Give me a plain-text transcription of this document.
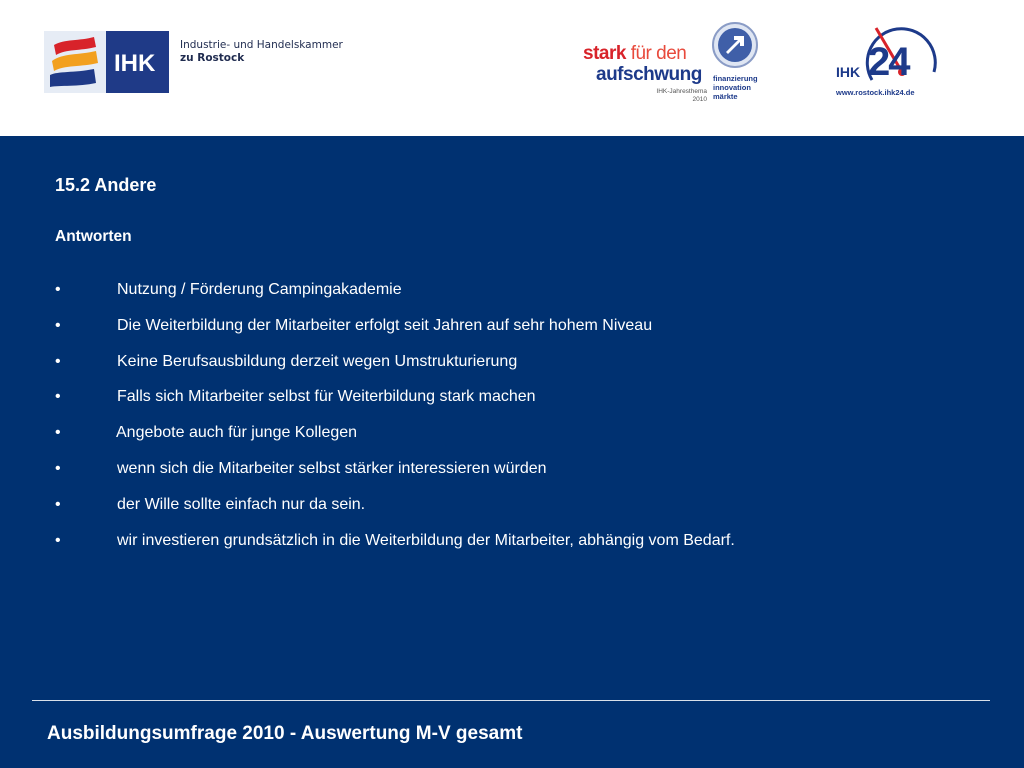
IHK
Industrie- und Handelskammer
zu Rostock	stark für den
aufschwung finanzierung
innovation
märkte
IHK-Jahresthema
2010
IHK 24
www.rostock.ihk24.de
15.2 Andere
Antworten
•	Nutzung / Förderung Campingakademie
•	Die Weiterbildung der Mitarbeiter erfolgt seit Jahren auf sehr hohem Niveau
•	Keine Berufsausbildung derzeit wegen Umstrukturierung
•	Falls sich Mitarbeiter selbst für Weiterbildung stark machen
•	Angebote auch für junge Kollegen
•	wenn sich die Mitarbeiter selbst stärker interessieren würden
•	der Wille sollte einfach nur da sein.
•	wir investieren grundsätzlich in die Weiterbildung der Mitarbeiter, abhängig vom Bedarf.
Ausbildungsumfrage 2010 - Auswertung M-V gesamt
